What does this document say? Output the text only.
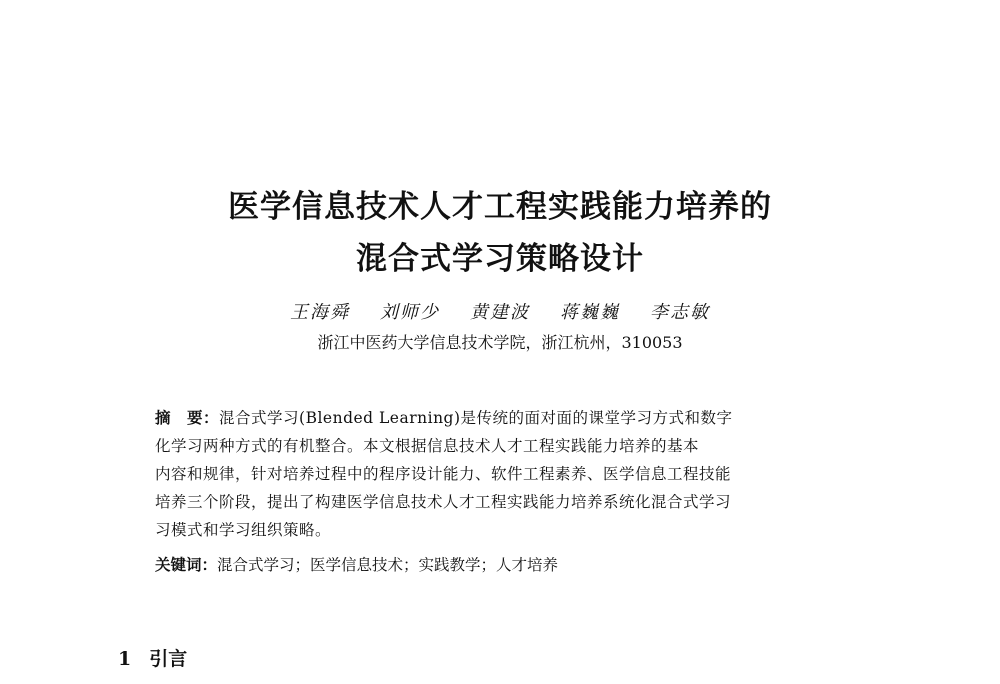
医学信息技术人才工程实践能力培养的
混合式学习策略设计
王海舜 刘师少 黄建波 蒋巍巍 李志敏
浙江中医药大学信息技术学院，浙江杭州，310053
摘　要：混合式学习(Blended Learning)是传统的面对面的课堂学习方式和数字
化学习两种方式的有机整合。本文根据信息技术人才工程实践能力培养的基本
内容和规律，针对培养过程中的程序设计能力、软件工程素养、医学信息工程技能
培养三个阶段，提出了构建医学信息技术人才工程实践能力培养系统化混合式学习
习模式和学习组织策略。
关键词：混合式学习；医学信息技术；实践教学；人才培养
1 引言
